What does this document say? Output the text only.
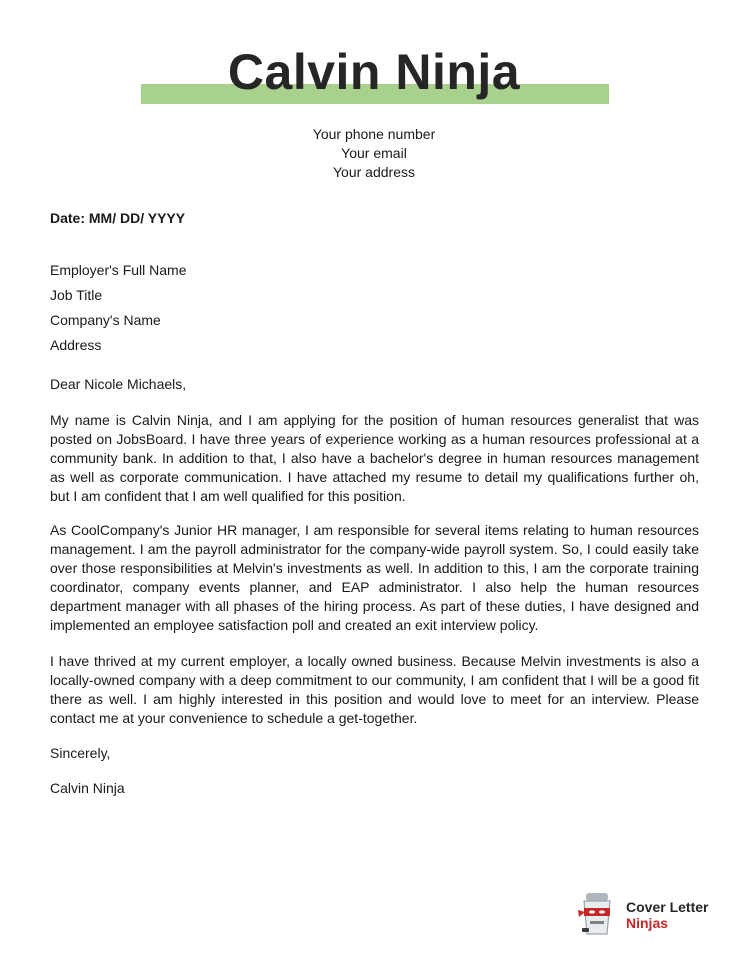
Calvin Ninja
Your phone number
Your email
Your address
Date: MM/ DD/ YYYY
Employer's Full Name
Job Title
Company's Name
Address
Dear Nicole Michaels,

My name is Calvin Ninja, and I am applying for the position of human resources generalist that was posted on JobsBoard. I have three years of experience working as a human resources professional at a community bank. In addition to that, I also have a bachelor's degree in human resources management as well as corporate communication. I have attached my resume to detail my qualifications further oh, but I am confident that I am well qualified for this position.

As CoolCompany's Junior HR manager, I am responsible for several items relating to human resources management. I am the payroll administrator for the company-wide payroll system. So, I could easily take over those responsibilities at Melvin's investments as well. In addition to this, I am the corporate training coordinator, company events planner, and EAP administrator. I also help the human resources department manager with all phases of the hiring process. As part of these duties, I have designed and implemented an employee satisfaction poll and created an exit interview policy.

I have thrived at my current employer, a locally owned business. Because Melvin investments is also a locally-owned company with a deep commitment to our community, I am confident that I will be a good fit there as well. I am highly interested in this position and would love to meet for an interview. Please contact me at your convenience to schedule a get-together.

Sincerely,
Calvin Ninja
Cover Letter
Ninjas
